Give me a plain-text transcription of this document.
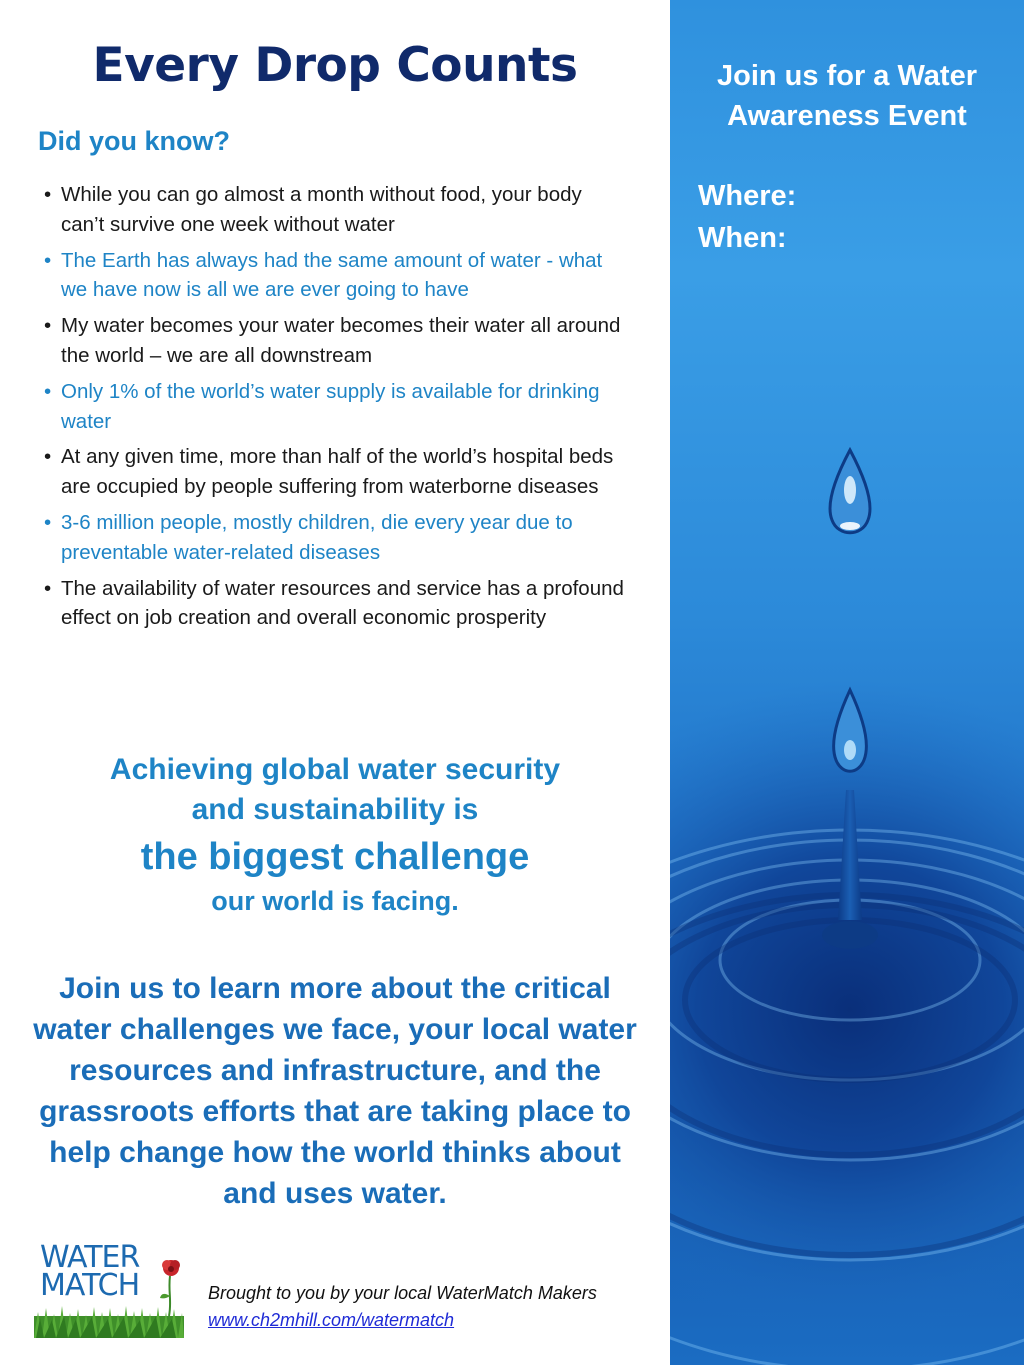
Every Drop Counts
Did you know?
• While you can go almost a month without food, your body can’t survive one week without water
• The Earth has always had the same amount of water - what we have now is all we are ever going to have
• My water becomes your water becomes their water all around the world – we are all downstream
• Only 1% of the world’s water supply is available for drinking water
• At any given time, more than half of the world’s hospital beds are occupied by people suffering from waterborne diseases
• 3-6 million people, mostly children, die every year due to preventable water-related diseases
• The availability of water resources and service has a profound effect on job creation and overall economic prosperity
Achieving global water security
and sustainability is
the biggest challenge
our world is facing.

Join us to learn more about the critical water challenges we face, your local water resources and infrastructure, and the grassroots efforts that are taking place to help change how the world thinks about and uses water.

WATER
MATCH	Brought to you by your local WaterMatch Makers
www.ch2mhill.com/watermatch
Join us for a Water Awareness Event
Where:
When:
